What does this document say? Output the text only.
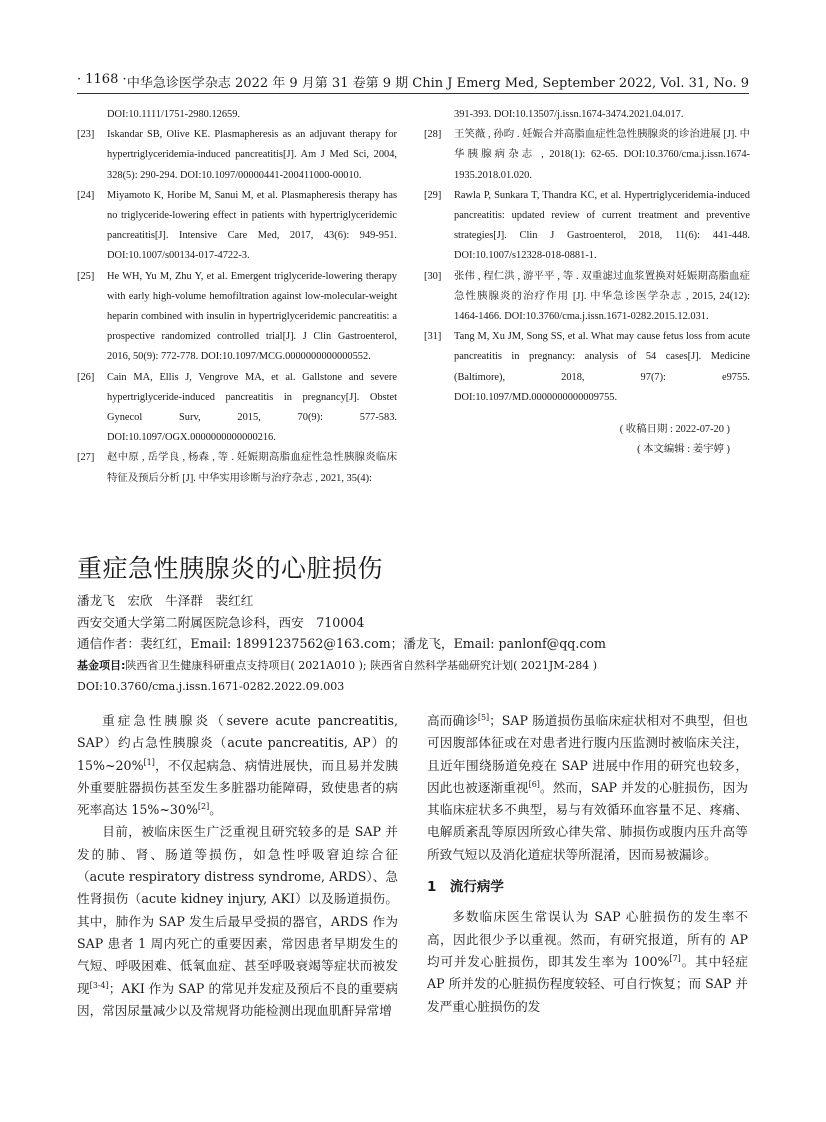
· 1168 · 中华急诊医学杂志 2022 年 9 月第 31 卷第 9 期 Chin J Emerg Med, September 2022, Vol. 31, No. 9
DOI:10.1111/1751-2980.12659.
[23]	Iskandar SB, Olive KE. Plasmapheresis as an adjuvant therapy for hypertriglyceridemia-induced pancreatitis[J]. Am J Med Sci, 2004, 328(5): 290-294. DOI:10.1097/00000441-200411000-00010.
[24]	Miyamoto K, Horibe M, Sanui M, et al. Plasmapheresis therapy has no triglyceride-lowering effect in patients with hypertriglyceridemic pancreatitis[J]. Intensive Care Med, 2017, 43(6): 949-951. DOI:10.1007/s00134-017-4722-3.
[25]	He WH, Yu M, Zhu Y, et al. Emergent triglyceride-lowering therapy with early high-volume hemofiltration against low-molecular-weight heparin combined with insulin in hypertriglyceridemic pancreatitis: a prospective randomized controlled trial[J]. J Clin Gastroenterol, 2016, 50(9): 772-778. DOI:10.1097/MCG.0000000000000552.
[26]	Cain MA, Ellis J, Vengrove MA, et al. Gallstone and severe hypertriglyceride-induced pancreatitis in pregnancy[J]. Obstet Gynecol Surv, 2015, 70(9): 577-583. DOI:10.1097/OGX.0000000000000216.
[27]	赵中原 , 岳学良 , 杨森 , 等 . 妊娠期高脂血症性急性胰腺炎临床特征及预后分析 [J]. 中华实用诊断与治疗杂志 , 2021, 35(4):
391-393. DOI:10.13507/j.issn.1674-3474.2021.04.017.
[28]	王笑薇 , 孙昀 . 妊娠合并高脂血症性急性胰腺炎的诊治进展 [J]. 中华胰腺病杂志 , 2018(1): 62-65. DOI:10.3760/cma.j.issn.1674-1935.2018.01.020.
[29]	Rawla P, Sunkara T, Thandra KC, et al. Hypertriglyceridemia-induced pancreatitis: updated review of current treatment and preventive strategies[J]. Clin J Gastroenterol, 2018, 11(6): 441-448. DOI:10.1007/s12328-018-0881-1.
[30]	张伟 , 程仁洪 , 游平平 , 等 . 双重滤过血浆置换对妊娠期高脂血症急性胰腺炎的治疗作用 [J]. 中华急诊医学杂志 , 2015, 24(12): 1464-1466. DOI:10.3760/cma.j.issn.1671-0282.2015.12.031.
[31]	Tang M, Xu JM, Song SS, et al. What may cause fetus loss from acute pancreatitis in pregnancy: analysis of 54 cases[J]. Medicine (Baltimore), 2018, 97(7): e9755. DOI:10.1097/MD.0000000000009755.
( 收稿日期 : 2022-07-20 )
( 本文编辑 : 姜宇婷 )
重症急性胰腺炎的心脏损伤
潘龙飞　宏欣　牛泽群　裴红红
西安交通大学第二附属医院急诊科，西安　710004
通信作者：裴红红，Email: 18991237562@163.com；潘龙飞，Email: panlonf@qq.com
基金项目:陕西省卫生健康科研重点支持项目( 2021A010 ); 陕西省自然科学基础研究计划( 2021JM-284 )
DOI:10.3760/cma.j.issn.1671-0282.2022.09.003

重症急性胰腺炎（severe acute pancreatitis, SAP）约占急性胰腺炎（acute pancreatitis, AP）的 15%~20%[1]，不仅起病急、病情进展快，而且易并发胰外重要脏器损伤甚至发生多脏器功能障碍，致使患者的病死率高达 15%~30%[2]。

目前，被临床医生广泛重视且研究较多的是 SAP 并发的肺、肾、肠道等损伤，如急性呼吸窘迫综合征（acute respiratory distress syndrome, ARDS）、急性肾损伤（acute kidney injury, AKI）以及肠道损伤。其中，肺作为 SAP 发生后最早受损的器官，ARDS 作为 SAP 患者 1 周内死亡的重要因素，常因患者早期发生的气短、呼吸困难、低氧血症、甚至呼吸衰竭等症状而被发现[3-4]；AKI 作为 SAP 的常见并发症及预后不良的重要病因，常因尿量减少以及常规肾功能检测出现血肌酐异常增

高而确诊[5]；SAP 肠道损伤虽临床症状相对不典型，但也可因腹部体征或在对患者进行腹内压监测时被临床关注，且近年围绕肠道免疫在 SAP 进展中作用的研究也较多，因此也被逐渐重视[6]。然而，SAP 并发的心脏损伤，因为其临床症状多不典型，易与有效循环血容量不足、疼痛、电解质紊乱等原因所致心律失常、肺损伤或腹内压升高等所致气短以及消化道症状等所混淆，因而易被漏诊。

1　流行病学

多数临床医生常误认为 SAP 心脏损伤的发生率不高，因此很少予以重视。然而，有研究报道，所有的 AP 均可并发心脏损伤，即其发生率为 100%[7]。其中轻症 AP 所并发的心脏损伤程度较轻、可自行恢复；而 SAP 并发严重心脏损伤的发
